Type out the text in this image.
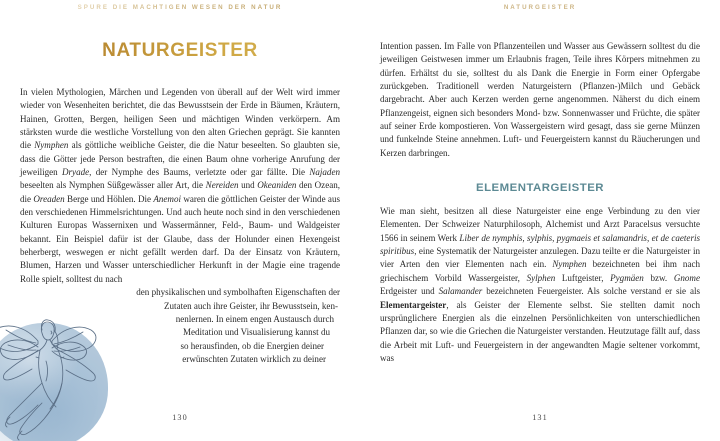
SPÜRE DIE MÄCHTIGEN WESEN DER NATUR
NATURGEISTER

In vielen Mythologien, Märchen und Legenden von überall auf der Welt wird immer wieder von Wesenheiten berichtet, die das Bewusstsein der Erde in Bäumen, Kräutern, Hainen, Grotten, Bergen, heiligen Seen und mächtigen Winden verkörpern. Am stärksten wurde die westliche Vorstellung von den alten Griechen geprägt. Sie kannten die Nymphen als göttliche weibliche Geister, die die Natur beseelten. So glaubten sie, dass die Götter jede Person bestraften, die einen Baum ohne vorherige Anrufung der jeweiligen Dryade, der Nymphe des Baums, verletzte oder gar fällte. Die Najaden beseelten als Nymphen Süßgewässer aller Art, die Nereiden und Okeaniden den Ozean, die Oreaden Berge und Höhlen. Die Anemoi waren die göttlichen Geister der Winde aus den verschiedenen Himmelsrichtungen. Und auch heute noch sind in den verschiedenen Kulturen Europas Wassernixen und Wassermänner, Feld-, Baum- und Waldgeister bekannt. Ein Beispiel dafür ist der Glaube, dass der Holunder einen Hexengeist beherbergt, weswegen er nicht gefällt werden darf. Da der Einsatz von Kräutern, Blumen, Harzen und Wasser unterschiedlicher Herkunft in der Magie eine tragende Rolle spielt, solltest du nach

den physikalischen und symbolhaften Eigenschaften der
Zutaten auch ihre Geister, ihr Bewusstsein, ken-
nenlernen. In einem engen Austausch durch
Meditation und Visualisierung kannst du
so herausfinden, ob die Energien deiner
erwünschten Zutaten wirklich zu deiner
130
NATURGEISTER

Intention passen. Im Falle von Pflanzenteilen und Wasser aus Gewässern solltest du die jeweiligen Geistwesen immer um Erlaubnis fragen, Teile ihres Körpers mitnehmen zu dürfen. Erhältst du sie, solltest du als Dank die Energie in Form einer Opfergabe zurückgeben. Traditionell werden Naturgeistern (Pflanzen-)Milch und Gebäck dargebracht. Aber auch Kerzen werden gerne angenommen. Näherst du dich einem Pflanzengeist, eignen sich besonders Mond- bzw. Sonnenwasser und Früchte, die später auf seiner Erde kompostieren. Von Wassergeistern wird gesagt, dass sie gerne Münzen und funkelnde Steine annehmen. Luft- und Feuergeistern kannst du Räucherungen und Kerzen darbringen.

ELEMENTARGEISTER

Wie man sieht, besitzen all diese Naturgeister eine enge Verbindung zu den vier Elementen. Der Schweizer Naturphilosoph, Alchemist und Arzt Paracelsus versuchte 1566 in seinem Werk Liber de nymphis, sylphis, pygmaeis et salamandris, et de caeteris spiritibus, eine Systematik der Naturgeister anzulegen. Dazu teilte er die Naturgeister in vier Arten den vier Elementen nach ein. Nymphen bezeichneten bei ihm nach griechischem Vorbild Wassergeister, Sylphen Luftgeister, Pygmäen bzw. Gnome Erdgeister und Salamander bezeichneten Feuergeister. Als solche verstand er sie als Elementargeister, als Geister der Elemente selbst. Sie stellten damit noch ursprünglichere Energien als die einzelnen Persönlichkeiten von unterschiedlichen Pflanzen dar, so wie die Griechen die Naturgeister verstanden. Heutzutage fällt auf, dass die Arbeit mit Luft- und Feuergeistern in der angewandten Magie seltener vorkommt, was

131
